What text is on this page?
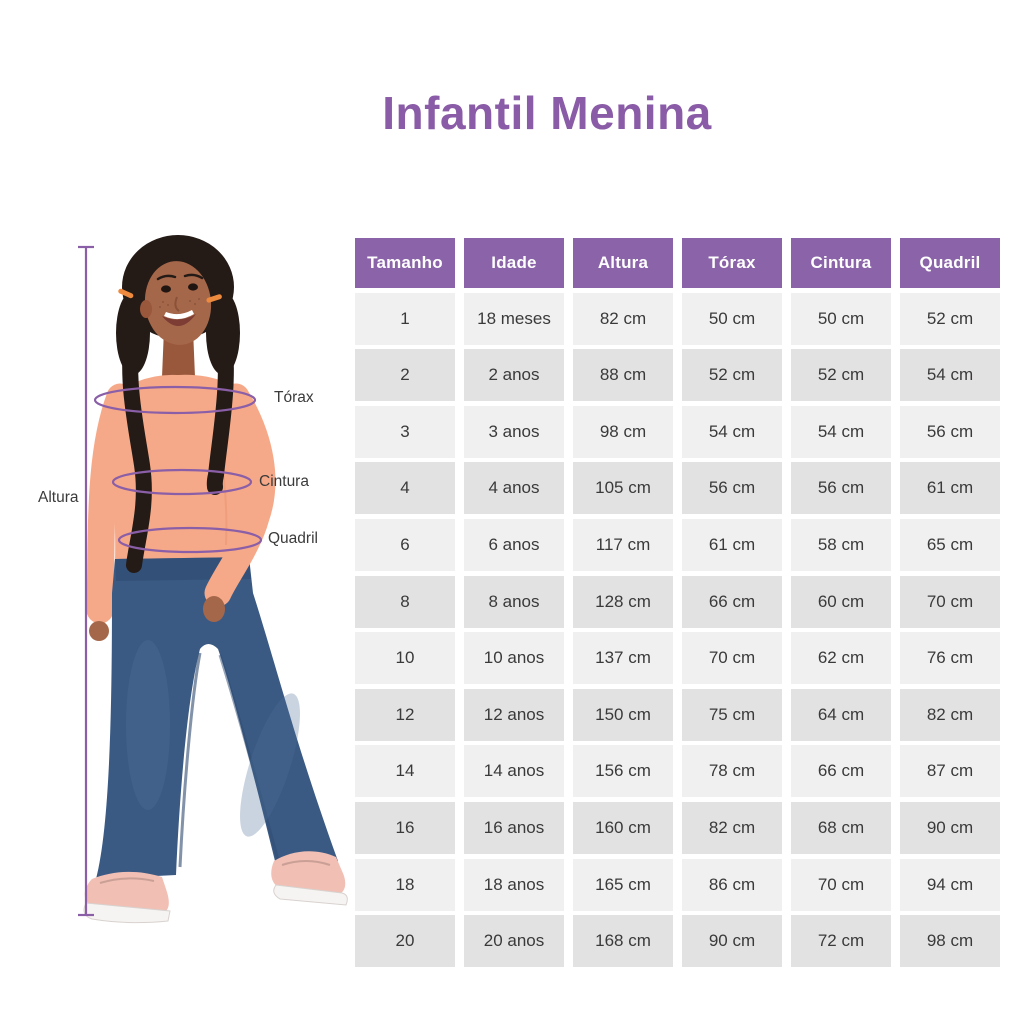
Infantil Menina
Altura
Tórax
Cintura
Quadril
Tamanho	Idade	Altura	Tórax	Cintura	Quadril
1	18 meses	82 cm	50 cm	50 cm	52 cm
2	2 anos	88 cm	52 cm	52 cm	54 cm
3	3 anos	98 cm	54 cm	54 cm	56 cm
4	4 anos	105 cm	56 cm	56 cm	61 cm
6	6 anos	117 cm	61 cm	58 cm	65 cm
8	8 anos	128 cm	66 cm	60 cm	70 cm
10	10 anos	137 cm	70 cm	62 cm	76 cm
12	12 anos	150 cm	75 cm	64 cm	82 cm
14	14 anos	156 cm	78 cm	66 cm	87 cm
16	16 anos	160 cm	82 cm	68 cm	90 cm
18	18 anos	165 cm	86 cm	70 cm	94 cm
20	20 anos	168 cm	90 cm	72 cm	98 cm
